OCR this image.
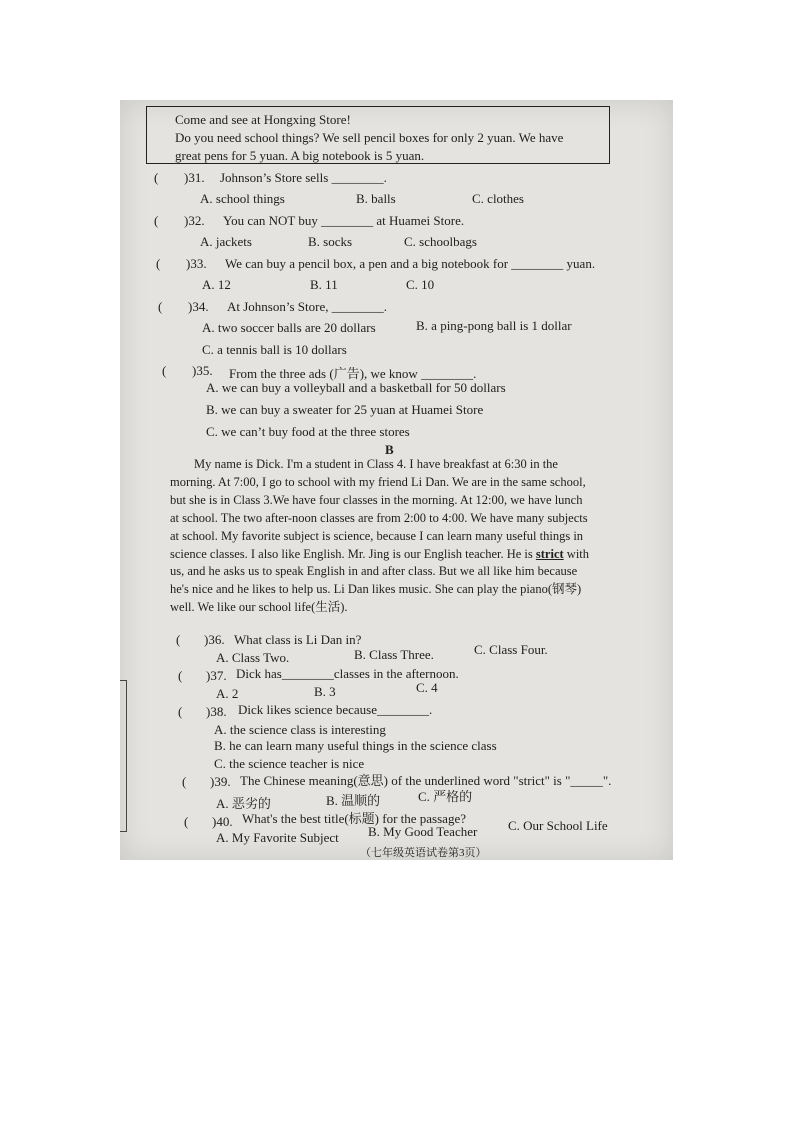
Come and see at Hongxing Store!
Do you need school things? We sell pencil boxes for only 2 yuan. We have
great pens for 5 yuan. A big notebook is 5 yuan.
( )31. Johnson’s Store sells ________.
A. school things	B. balls	C. clothes
( )32. You can NOT buy ________ at Huamei Store.
A. jackets	B. socks	C. schoolbags
( )33. We can buy a pencil box, a pen and a big notebook for ________ yuan.
A. 12	B. 11	C. 10
( )34. At Johnson’s Store, ________.
A. two soccer balls are 20 dollars	B. a ping-pong ball is 1 dollar
C. a tennis ball is 10 dollars
( )35. From the three ads (广告), we know ________.
A. we can buy a volleyball and a basketball for 50 dollars
B. we can buy a sweater for 25 yuan at Huamei Store
C. we can’t buy food at the three stores
B
My name is Dick. I'm a student in Class 4. I have breakfast at 6:30 in the
morning. At 7:00, I go to school with my friend Li Dan. We are in the same school,
but she is in Class 3.We have four classes in the morning. At 12:00, we have lunch
at school. The two after-noon classes are from 2:00 to 4:00. We have many subjects
at school. My favorite subject is science, because I can learn many useful things in
science classes. I also like English. Mr. Jing is our English teacher. He is strict with
us, and he asks us to speak English in and after class. But we all like him because
he's nice and he likes to help us. Li Dan likes music. She can play the piano(钢琴)
well. We like our school life(生活).
( )36. What class is Li Dan in?
A. Class Two.	B. Class Three.	C. Class Four.
( )37. Dick has________classes in the afternoon.
A. 2	B. 3	C. 4
( )38. Dick likes science because________.
A. the science class is interesting
B. he can learn many useful things in the science class
C. the science teacher is nice
( )39. The Chinese meaning(意思) of the underlined word "strict" is "_____".
A. 恶劣的	B. 温顺的	C. 严格的
( )40. What's the best title(标题) for the passage?
A. My Favorite Subject B. My Good Teacher C. Our School Life
（七年级英语试卷第3页）
